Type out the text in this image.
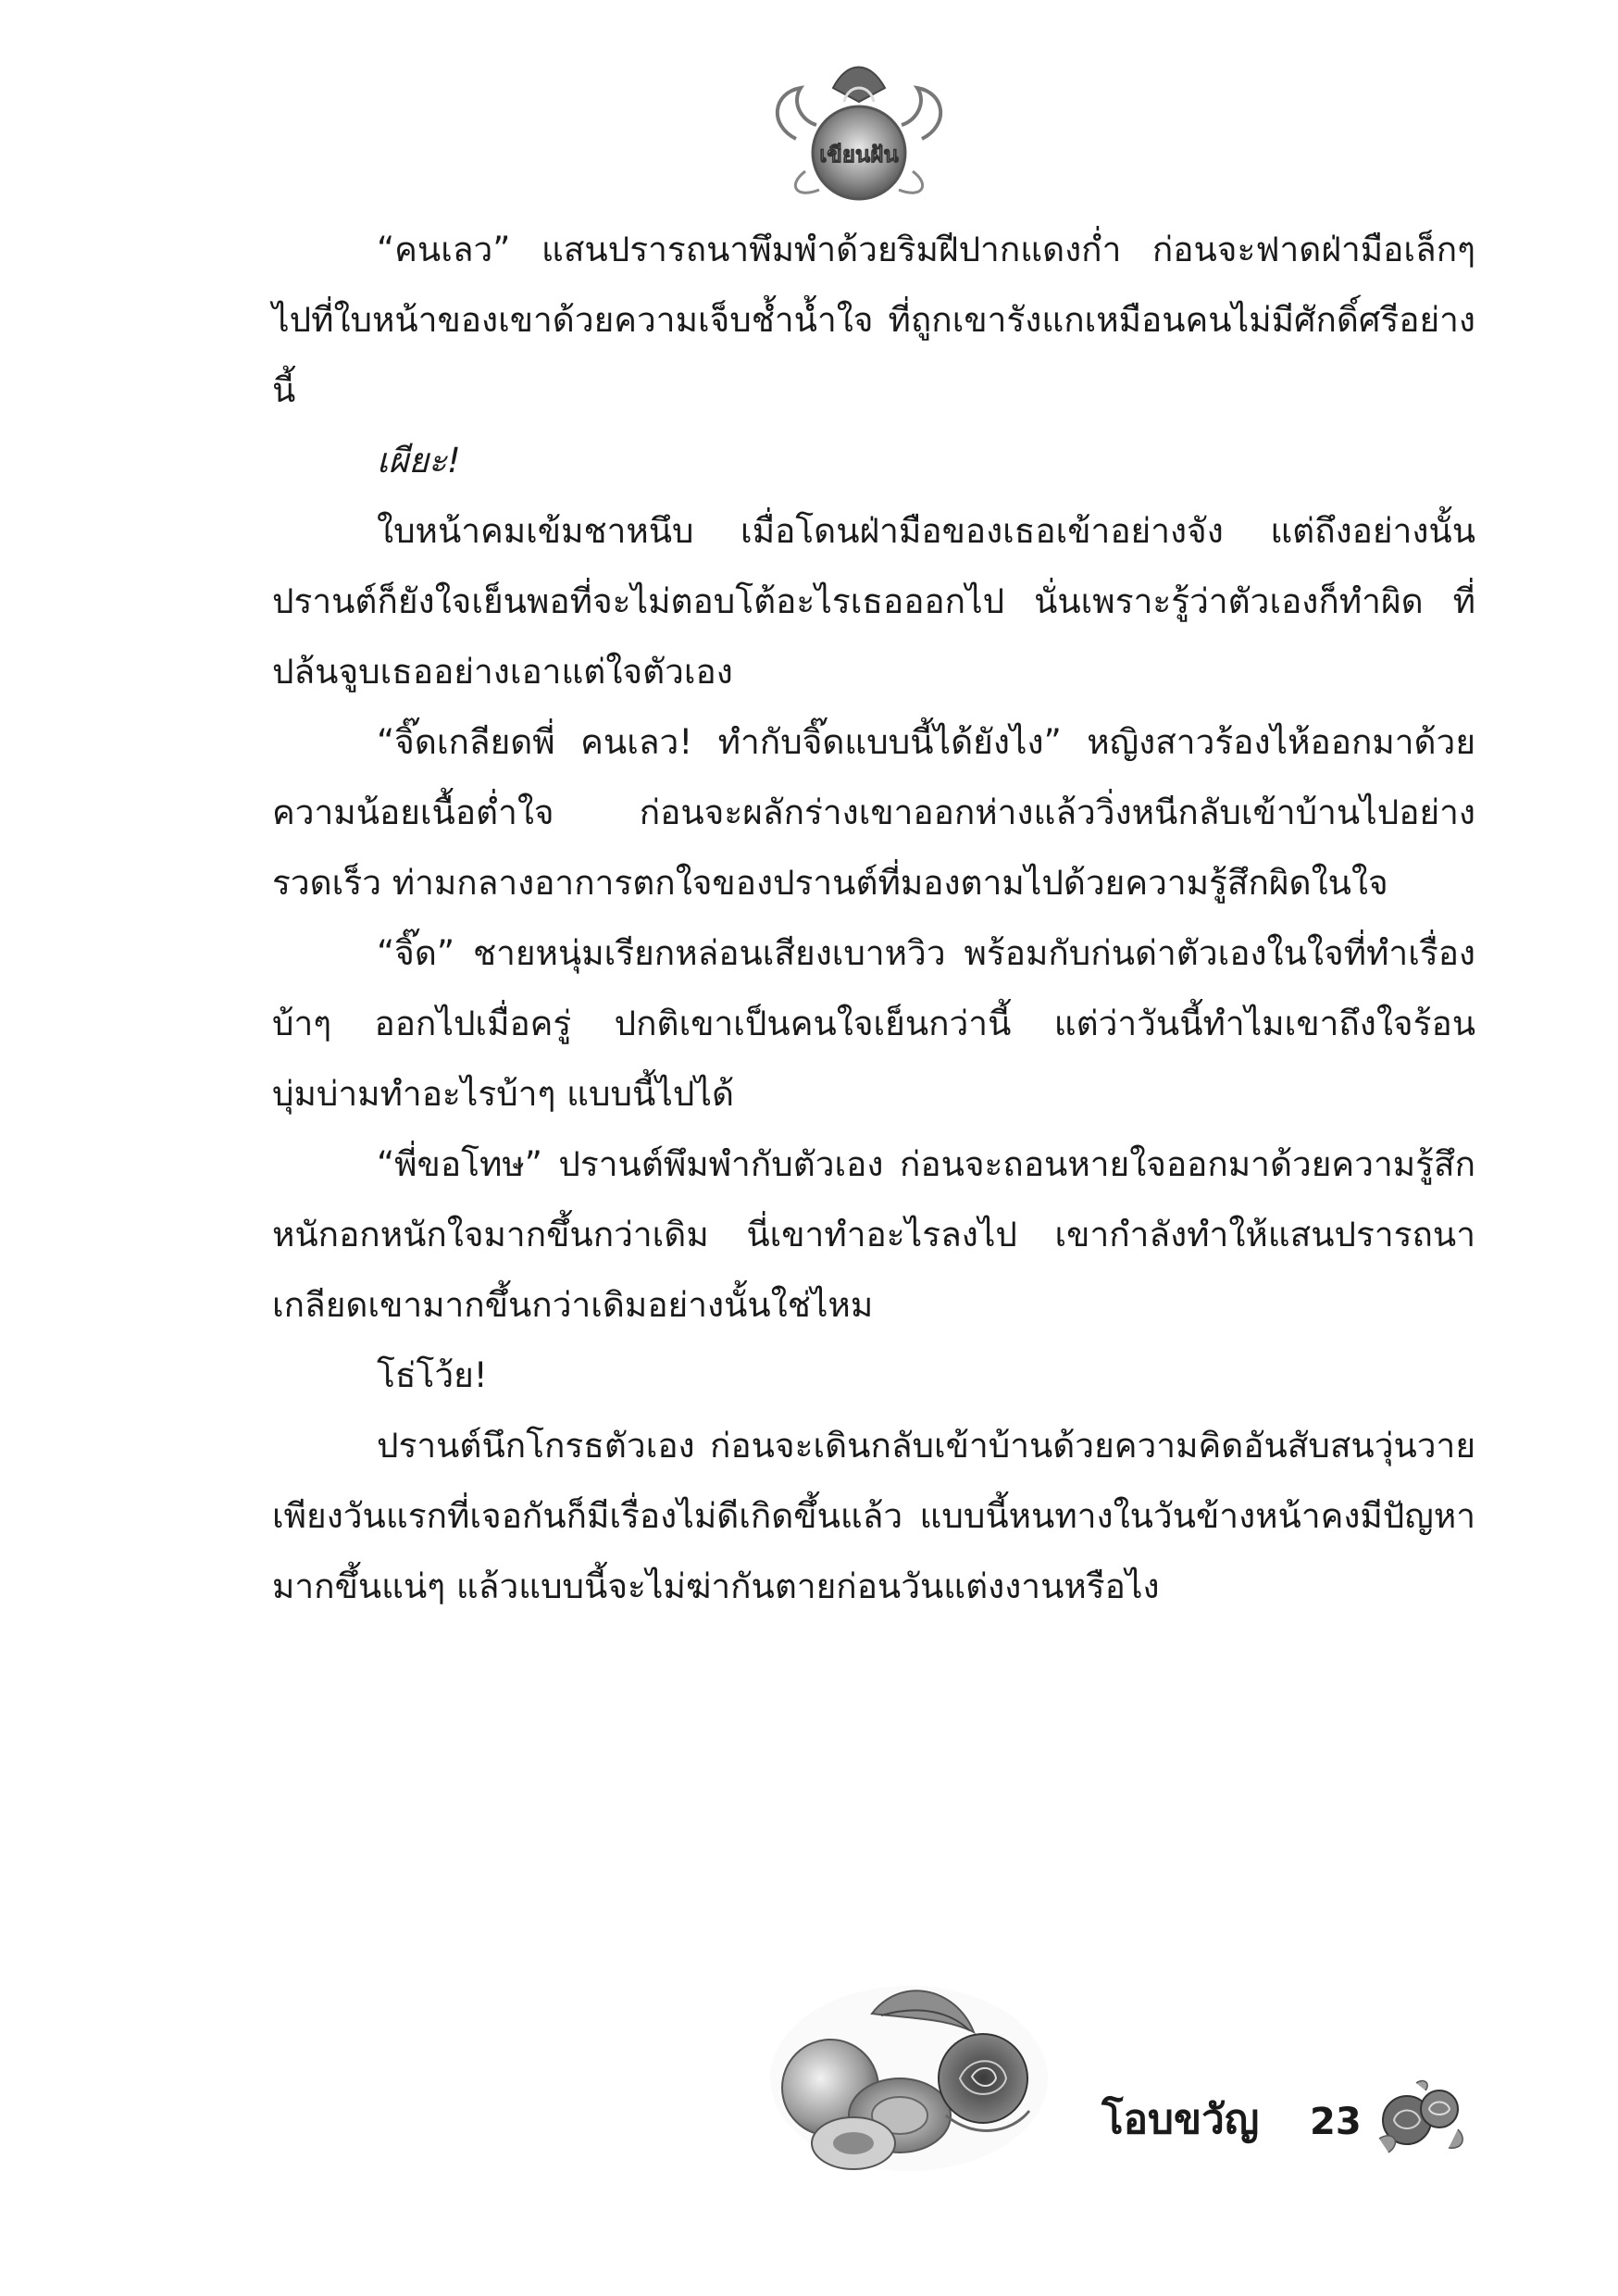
เขียนฝัน

“คนเลว” แสนปรารถนาพึมพำด้วยริมฝีปากแดงก่ำ ก่อนจะฟาดฝ่ามือเล็กๆ ไปที่ใบหน้าของเขาด้วยความเจ็บช้ำน้ำใจ ที่ถูกเขารังแกเหมือนคนไม่มีศักดิ์ศรีอย่างนี้

เผียะ!

ใบหน้าคมเข้มชาหนึบ เมื่อโดนฝ่ามือของเธอเข้าอย่างจัง แต่ถึงอย่างนั้นปรานต์ก็ยังใจเย็นพอที่จะไม่ตอบโต้อะไรเธอออกไป นั่นเพราะรู้ว่าตัวเองก็ทำผิด ที่ปล้นจูบเธออย่างเอาแต่ใจตัวเอง

“จิ๊ดเกลียดพี่ คนเลว! ทำกับจิ๊ดแบบนี้ได้ยังไง” หญิงสาวร้องไห้ออกมาด้วยความน้อยเนื้อต่ำใจ ก่อนจะผลักร่างเขาออกห่างแล้ววิ่งหนีกลับเข้าบ้านไปอย่างรวดเร็ว ท่ามกลางอาการตกใจของปรานต์ที่มองตามไปด้วยความรู้สึกผิดในใจ

“จิ๊ด” ชายหนุ่มเรียกหล่อนเสียงเบาหวิว พร้อมกับก่นด่าตัวเองในใจที่ทำเรื่องบ้าๆ ออกไปเมื่อครู่ ปกติเขาเป็นคนใจเย็นกว่านี้ แต่ว่าวันนี้ทำไมเขาถึงใจร้อนบุ่มบ่ามทำอะไรบ้าๆ แบบนี้ไปได้

“พี่ขอโทษ” ปรานต์พึมพำกับตัวเอง ก่อนจะถอนหายใจออกมาด้วยความรู้สึกหนักอกหนักใจมากขึ้นกว่าเดิม นี่เขาทำอะไรลงไป เขากำลังทำให้แสนปรารถนาเกลียดเขามากขึ้นกว่าเดิมอย่างนั้นใช่ไหม

โธ่โว้ย!

ปรานต์นึกโกรธตัวเอง ก่อนจะเดินกลับเข้าบ้านด้วยความคิดอันสับสนวุ่นวาย เพียงวันแรกที่เจอกันก็มีเรื่องไม่ดีเกิดขึ้นแล้ว แบบนี้หนทางในวันข้างหน้าคงมีปัญหามากขึ้นแน่ๆ แล้วแบบนี้จะไม่ฆ่ากันตายก่อนวันแต่งงานหรือไง

โอบขวัญ 23
